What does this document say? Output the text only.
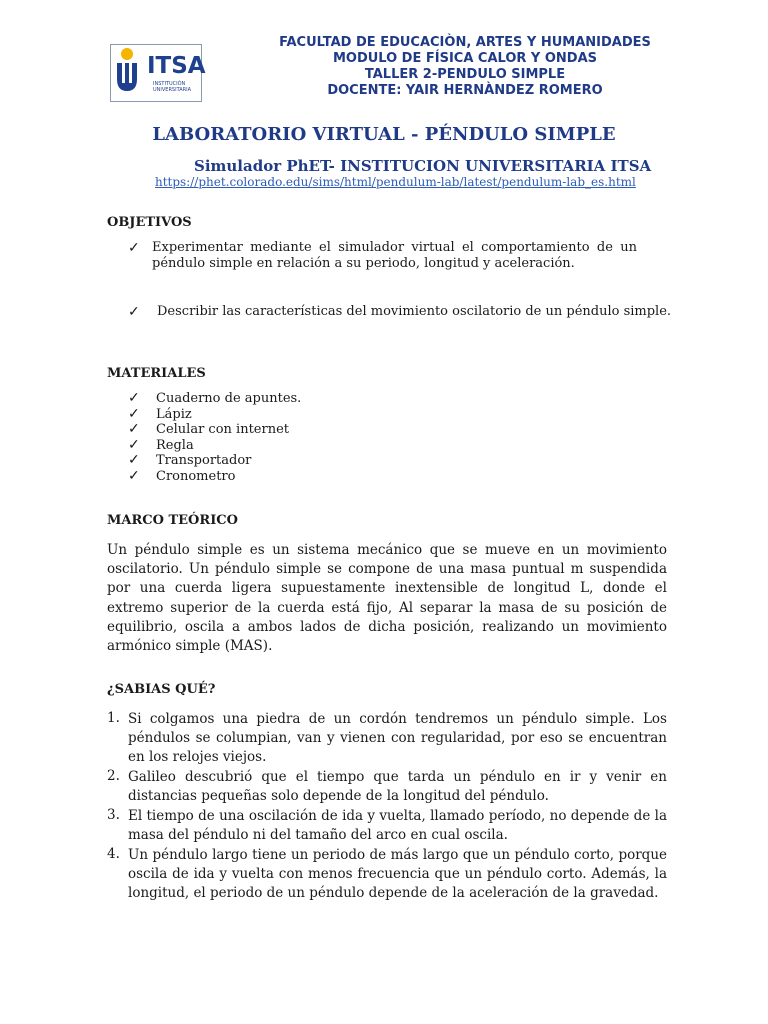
ITSA
INSTITUCIÓN UNIVERSITARIA
FACULTAD DE EDUCACIÒN, ARTES Y HUMANIDADES
MODULO DE FÍSICA CALOR Y ONDAS
TALLER 2-PENDULO SIMPLE
DOCENTE: YAIR HERNÀNDEZ ROMERO
LABORATORIO VIRTUAL - PÉNDULO SIMPLE
Simulador PhET- INSTITUCION UNIVERSITARIA ITSA
https://phet.colorado.edu/sims/html/pendulum-lab/latest/pendulum-lab_es.html
OBJETIVOS
✓ Experimentar mediante el simulador virtual el comportamiento de un péndulo simple en relación a su periodo, longitud y aceleración.
✓ Describir las características del movimiento oscilatorio de un péndulo simple.
MATERIALES
✓ Cuaderno de apuntes.
✓ Lápiz
✓ Celular con internet
✓ Regla
✓ Transportador
✓ Cronometro
MARCO TEÓRICO
Un péndulo simple es un sistema mecánico que se mueve en un movimiento oscilatorio. Un péndulo simple se compone de una masa puntual m suspendida por una cuerda ligera supuestamente inextensible de longitud L, donde el extremo superior de la cuerda está fijo, Al separar la masa de su posición de equilibrio, oscila a ambos lados de dicha posición, realizando un movimiento armónico simple (MAS).
¿SABIAS QUÉ?
1. Si colgamos una piedra de un cordón tendremos un péndulo simple. Los péndulos se columpian, van y vienen con regularidad, por eso se encuentran en los relojes viejos.
2. Galileo descubrió que el tiempo que tarda un péndulo en ir y venir en distancias pequeñas solo depende de la longitud del péndulo.
3. El tiempo de una oscilación de ida y vuelta, llamado período, no depende de la masa del péndulo ni del tamaño del arco en cual oscila.
4. Un péndulo largo tiene un periodo de más largo que un péndulo corto, porque oscila de ida y vuelta con menos frecuencia que un péndulo corto. Además, la longitud, el periodo de un péndulo depende de la aceleración de la gravedad.
